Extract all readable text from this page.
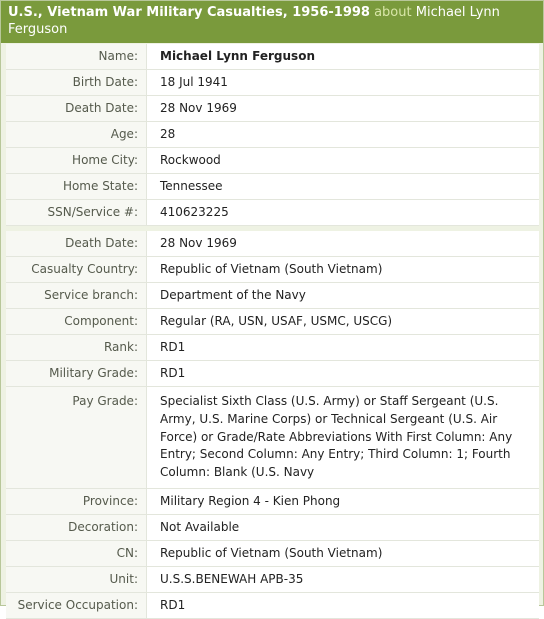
U.S., Vietnam War Military Casualties, 1956-1998 about Michael Lynn Ferguson
Name:	Michael Lynn Ferguson
Birth Date:	18 Jul 1941
Death Date:	28 Nov 1969
Age:	28
Home City:	Rockwood
Home State:	Tennessee
SSN/Service #:	410623225
Death Date:	28 Nov 1969
Casualty Country:	Republic of Vietnam (South Vietnam)
Service branch:	Department of the Navy
Component:	Regular (RA, USN, USAF, USMC, USCG)
Rank:	RD1
Military Grade:	RD1
Pay Grade:	Specialist Sixth Class (U.S. Army) or Staff Sergeant (U.S. Army, U.S. Marine Corps) or Technical Sergeant (U.S. Air Force) or Grade/Rate Abbreviations With First Column: Any Entry; Second Column: Any Entry; Third Column: 1; Fourth Column: Blank (U.S. Navy
Province:	Military Region 4 - Kien Phong
Decoration:	Not Available
CN:	Republic of Vietnam (South Vietnam)
Unit:	U.S.S.BENEWAH APB-35
Service Occupation:	RD1
